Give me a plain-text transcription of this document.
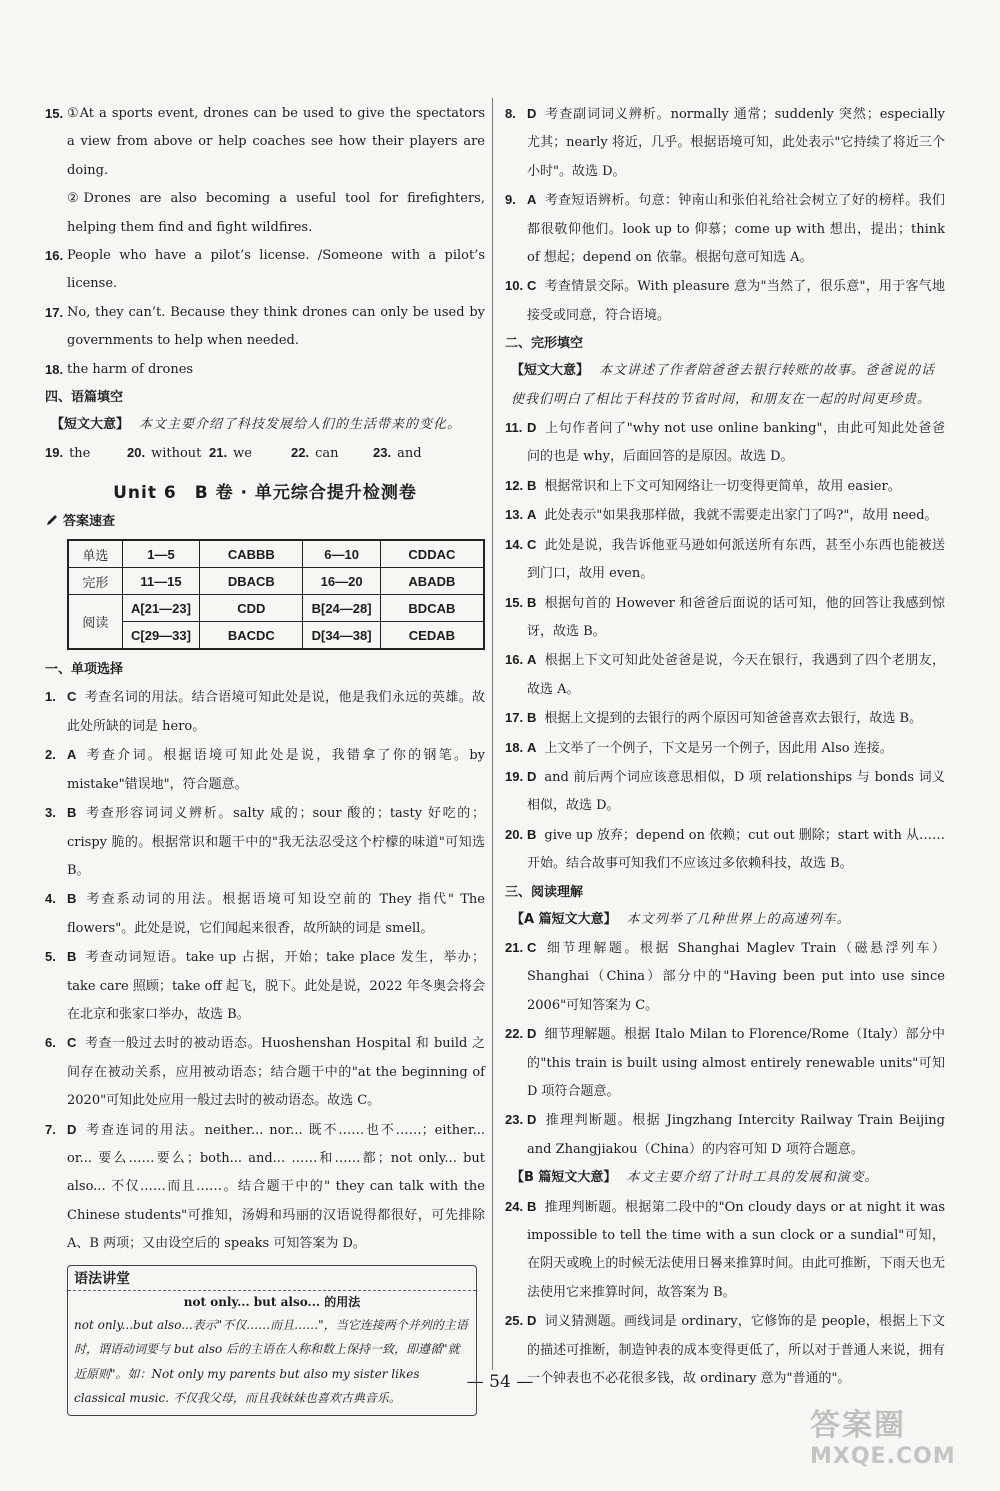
15. ①At a sports event, drones can be used to give the spectators a view from above or help coaches see how their players are doing.
②Drones are also becoming a useful tool for firefighters, helping them find and fight wildfires.
16. People who have a pilot’s license. /Someone with a pilot’s license.
17. No, they can’t. Because they think drones can only be used by governments to help when needed.
18. the harm of drones
四、语篇填空
【短文大意】 本文主要介绍了科技发展给人们的生活带来的变化。
19. the	20. without 21. we	22. can	23. and
Unit 6　B 卷 · 单元综合提升检测卷
答案速查
单选	1—5	CABBB	6—10	CDDAC
完形	11—15	DBACB	16—20	ABADB
阅读	A[21—23]	CDD	B[24—28]	BDCAB
	C[29—33]	BACDC	D[34—38]	CEDAB
一、单项选择
1. C 考查名词的用法。结合语境可知此处是说，他是我们永远的英雄。故此处所缺的词是 hero。
2. A 考查介词。根据语境可知此处是说，我错拿了你的钢笔。by mistake"错误地"，符合题意。
3. B 考查形容词词义辨析。salty 咸的；sour 酸的；tasty 好吃的；crispy 脆的。根据常识和题干中的"我无法忍受这个柠檬的味道"可知选 B。
4. B 考查系动词的用法。根据语境可知设空前的 They 指代" The flowers"。此处是说，它们闻起来很香，故所缺的词是 smell。
5. B 考查动词短语。take up 占据，开始；take place 发生，举办；take care 照顾；take off 起飞，脱下。此处是说，2022 年冬奥会将会在北京和张家口举办，故选 B。
6. C 考查一般过去时的被动语态。Huoshenshan Hospital 和 build 之间存在被动关系，应用被动语态；结合题干中的"at the beginning of 2020"可知此处应用一般过去时的被动语态。故选 C。
7. D 考查连词的用法。neither... nor... 既不……也不……；either... or... 要么……要么；both... and... ……和……都；not only... but also... 不仅……而且……。结合题干中的" they can talk with the Chinese students"可推知，汤姆和玛丽的汉语说得都很好，可先排除 A、B 两项；又由设空后的 speaks 可知答案为 D。
语法讲堂
not only... but also... 的用法
not only...but also...表示"不仅……而且……"，当它连接两个并列的主语时，谓语动词要与 but also 后的主语在人称和数上保持一致，即遵循"就近原则"。如：Not only my parents but also my sister likes classical music. 不仅我父母，而且我妹妹也喜欢古典音乐。
8. D 考查副词词义辨析。normally 通常；suddenly 突然；especially 尤其；nearly 将近，几乎。根据语境可知，此处表示"它持续了将近三个小时"。故选 D。
9. A 考查短语辨析。句意：钟南山和张伯礼给社会树立了好的榜样。我们都很敬仰他们。look up to 仰慕；come up with 想出，提出；think of 想起；depend on 依靠。根据句意可知选 A。
10. C 考查情景交际。With pleasure 意为"当然了，很乐意"，用于客气地接受或同意，符合语境。
二、完形填空
【短文大意】 本文讲述了作者陪爸爸去银行转账的故事。爸爸说的话使我们明白了相比于科技的节省时间，和朋友在一起的时间更珍贵。
11. D 上句作者问了"why not use online banking"，由此可知此处爸爸问的也是 why，后面回答的是原因。故选 D。
12. B 根据常识和上下文可知网络让一切变得更简单，故用 easier。
13. A 此处表示"如果我那样做，我就不需要走出家门了吗?"，故用 need。
14. C 此处是说，我告诉他亚马逊如何派送所有东西，甚至小东西也能被送到门口，故用 even。
15. B 根据句首的 However 和爸爸后面说的话可知，他的回答让我感到惊讶，故选 B。
16. A 根据上下文可知此处爸爸是说，今天在银行，我遇到了四个老朋友，故选 A。
17. B 根据上文提到的去银行的两个原因可知爸爸喜欢去银行，故选 B。
18. A 上文举了一个例子，下文是另一个例子，因此用 Also 连接。
19. D and 前后两个词应该意思相似，D 项 relationships 与 bonds 词义相似，故选 D。
20. B give up 放弃；depend on 依赖；cut out 删除；start with 从……开始。结合故事可知我们不应该过多依赖科技，故选 B。
三、阅读理解
【A 篇短文大意】 本文列举了几种世界上的高速列车。
21. C 细节理解题。根据 Shanghai Maglev Train（磁悬浮列车）Shanghai（China）部分中的"Having been put into use since 2006"可知答案为 C。
22. D 细节理解题。根据 Italo Milan to Florence/Rome（Italy）部分中的"this train is built using almost entirely renewable units"可知 D 项符合题意。
23. D 推理判断题。根据 Jingzhang Intercity Railway Train Beijing and Zhangjiakou（China）的内容可知 D 项符合题意。
【B 篇短文大意】 本文主要介绍了计时工具的发展和演变。
24. B 推理判断题。根据第二段中的"On cloudy days or at night it was impossible to tell the time with a sun clock or a sundial"可知，在阴天或晚上的时候无法使用日晷来推算时间。由此可推断，下雨天也无法使用它来推算时间，故答案为 B。
25. D 词义猜测题。画线词是 ordinary，它修饰的是 people，根据上下文的描述可推断，制造钟表的成本变得更低了，所以对于普通人来说，拥有一个钟表也不必花很多钱，故 ordinary 意为"普通的"。
— 54 —
答案圈
MXQE.COM
